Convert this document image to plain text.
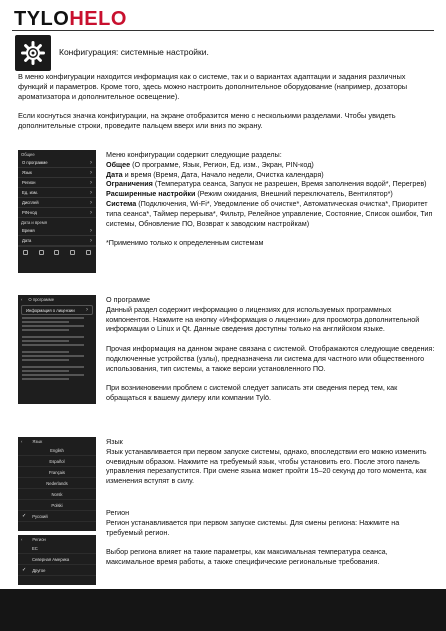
TYLOHELO
Конфигурация: системные настройки.
В меню конфигурации находится информация как о системе, так и о вариантах адаптации и задания различных функций и параметров. Кроме того, здесь можно настроить дополнительное оборудование (например, дозаторы ароматизатора и дополнительное освещение).
Если коснуться значка конфигурации, на экране отобразится меню с несколькими разделами. Чтобы увидеть дополнительные строки, проведите пальцем вверх или вниз по экрану.
Общее
О программе	›
Язык	›
Регион	›
Ед. изм.	›
Дисплей	›
PIN-код	›
Дата и время
Время	›
Дата	›
Меню конфигурации содержит следующие разделы:
Общее (О программе, Язык, Регион, Ед. изм., Экран, PIN-код)
Дата и время (Время, Дата, Начало недели, Очистка календаря)
Ограничения (Температура сеанса, Запуск не разрешен, Время заполнения водой*, Перегрев)
Расширенные настройки (Режим ожидания, Внешний переключатель, Вентилятор*)
Система (Подключения, Wi-Fi*, Уведомление об очистке*, Автоматическая очистка*, Приоритет типа сеанса*, Таймер перерыва*, Фильтр, Релейное управление, Состояние, Список ошибок, Тип системы, Обновление ПО, Возврат к заводским настройкам)
*Применимо только к определенным системам
‹ О программе
Информация о лицензии ›
О программе
Данный раздел содержит информацию о лицензиях для используемых программных компонентов. Нажмите на кнопку «Информация о лицензии» для просмотра дополнительной информации о Linux и Qt. Данные сведения доступны только на английском языке.
Прочая информация на данном экране связана с системой. Отображаются следующие сведения: подключенные устройства (узлы), предназначена ли система для частного или общественного использования, тип системы, а также версии установленного ПО.
При возникновении проблем с системой следует записать эти сведения перед тем, как обращаться к вашему дилеру или компании Tylö.
‹ Язык
English
Español
Français
Nederlands
Norsk
Polski
✓ Pусский
Язык
Язык устанавливается при первом запуске системы, однако, впоследствии его можно изменить очевидным образом. Нажмите на требуемый язык, чтобы установить его. После этого панель управления перезапустится. При смене языка может пройти 15–20 секунд до того момента, как изменения вступят в силу.
‹ Регион
ЕС
Северная Америка
✓ Другое
Регион
Регион устанавливается при первом запуске системы. Для смены региона: Нажмите на требуемый регион.
Выбор региона влияет на такие параметры, как максимальная температура сеанса, максимальное время работы, а также специфические региональные требования.
